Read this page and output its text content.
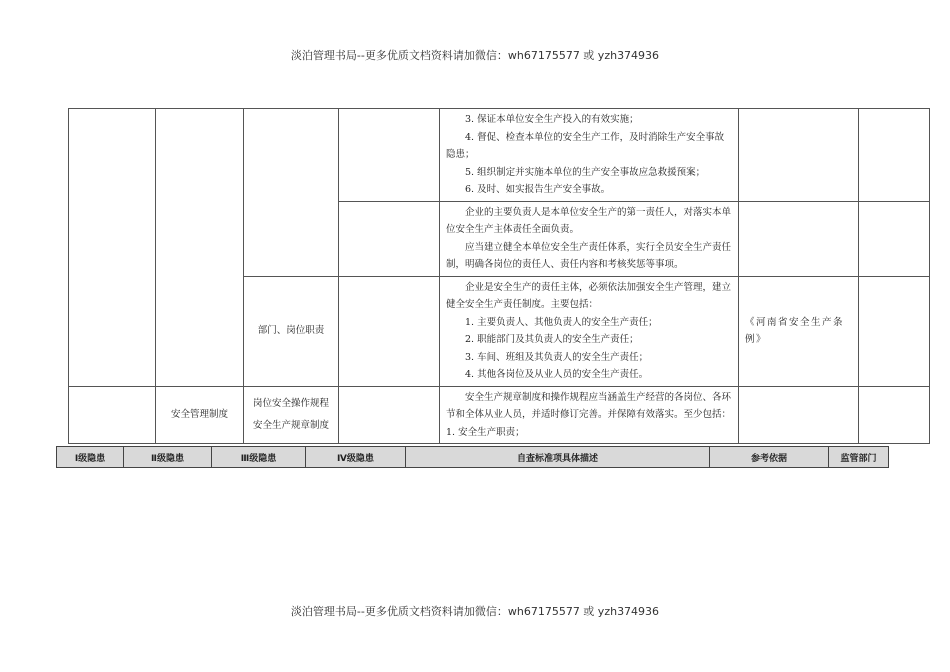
淡泊管理书局--更多优质文档资料请加微信：wh67175577 或 yzh374936

				3. 保证本单位安全生产投入的有效实施；

4. 督促、检查本单位的安全生产工作，及时消除生产安全事故隐患；

5. 组织制定并实施本单位的生产安全事故应急救援预案；

6. 及时、如实报告生产安全事故。		

				企业的主要负责人是本单位安全生产的第一责任人，对落实本单位安全生产主体责任全面负责。

应当建立健全本单位安全生产责任体系，实行全员安全生产责任制，明确各岗位的责任人、责任内容和考核奖惩等事项。		

		部门、岗位职责		企业是安全生产的责任主体，必须依法加强安全生产管理，建立健全安全生产责任制度。主要包括：

1. 主要负责人、其他负责人的安全生产责任；

2. 职能部门及其负责人的安全生产责任；

3. 车间、班组及其负责人的安全生产责任；

4. 其他各岗位及从业人员的安全生产责任。	《河南省安全生产条例》	
	安全管理制度	岗位安全操作规程
安全生产规章制度		安全生产规章制度和操作规程应当涵盖生产经营的各岗位、各环节和全体从业人员，并适时修订完善。并保障有效落实。至少包括：1. 安全生产职责；		

Ⅰ级隐患	Ⅱ级隐患	Ⅲ级隐患	Ⅳ级隐患	自查标准项具体描述	参考依据	监管部门
淡泊管理书局--更多优质文档资料请加微信：wh67175577 或 yzh374936
